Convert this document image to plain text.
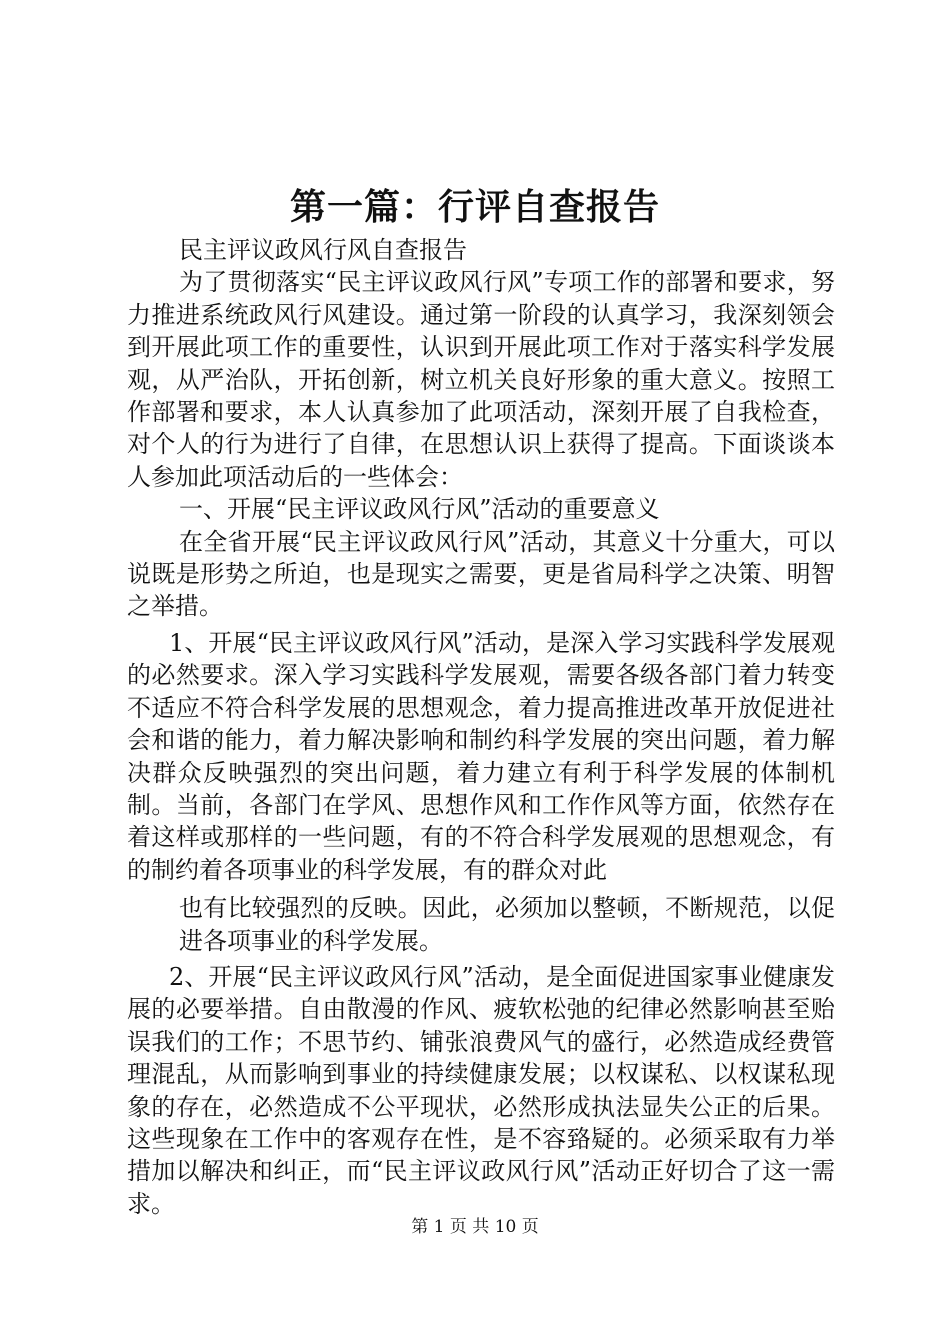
第一篇：行评自查报告

民主评议政风行风自查报告

为了贯彻落实“民主评议政风行风”专项工作的部署和要求，努力推进系统政风行风建设。通过第一阶段的认真学习，我深刻领会到开展此项工作的重要性，认识到开展此项工作对于落实科学发展观，从严治队，开拓创新，树立机关良好形象的重大意义。按照工作部署和要求，本人认真参加了此项活动，深刻开展了自我检查，对个人的行为进行了自律，在思想认识上获得了提高。下面谈谈本人参加此项活动后的一些体会：

一、开展“民主评议政风行风”活动的重要意义

在全省开展“民主评议政风行风”活动，其意义十分重大，可以说既是形势之所迫，也是现实之需要，更是省局科学之决策、明智之举措。

1、开展“民主评议政风行风”活动，是深入学习实践科学发展观的必然要求。深入学习实践科学发展观，需要各级各部门着力转变不适应不符合科学发展的思想观念，着力提高推进改革开放促进社会和谐的能力，着力解决影响和制约科学发展的突出问题，着力解决群众反映强烈的突出问题，着力建立有利于科学发展的体制机制。当前，各部门在学风、思想作风和工作作风等方面，依然存在着这样或那样的一些问题，有的不符合科学发展观的思想观念，有的制约着各项事业的科学发展，有的群众对此

也有比较强烈的反映。因此，必须加以整顿，不断规范，以促进各项事业的科学发展。

2、开展“民主评议政风行风”活动，是全面促进国家事业健康发展的必要举措。自由散漫的作风、疲软松弛的纪律必然影响甚至贻误我们的工作；不思节约、铺张浪费风气的盛行，必然造成经费管理混乱，从而影响到事业的持续健康发展；以权谋私、以权谋私现象的存在，必然造成不公平现状，必然形成执法显失公正的后果。这些现象在工作中的客观存在性，是不容臵疑的。必须采取有力举措加以解决和纠正，而“民主评议政风行风”活动正好切合了这一需求。

第 1 页 共 10 页
